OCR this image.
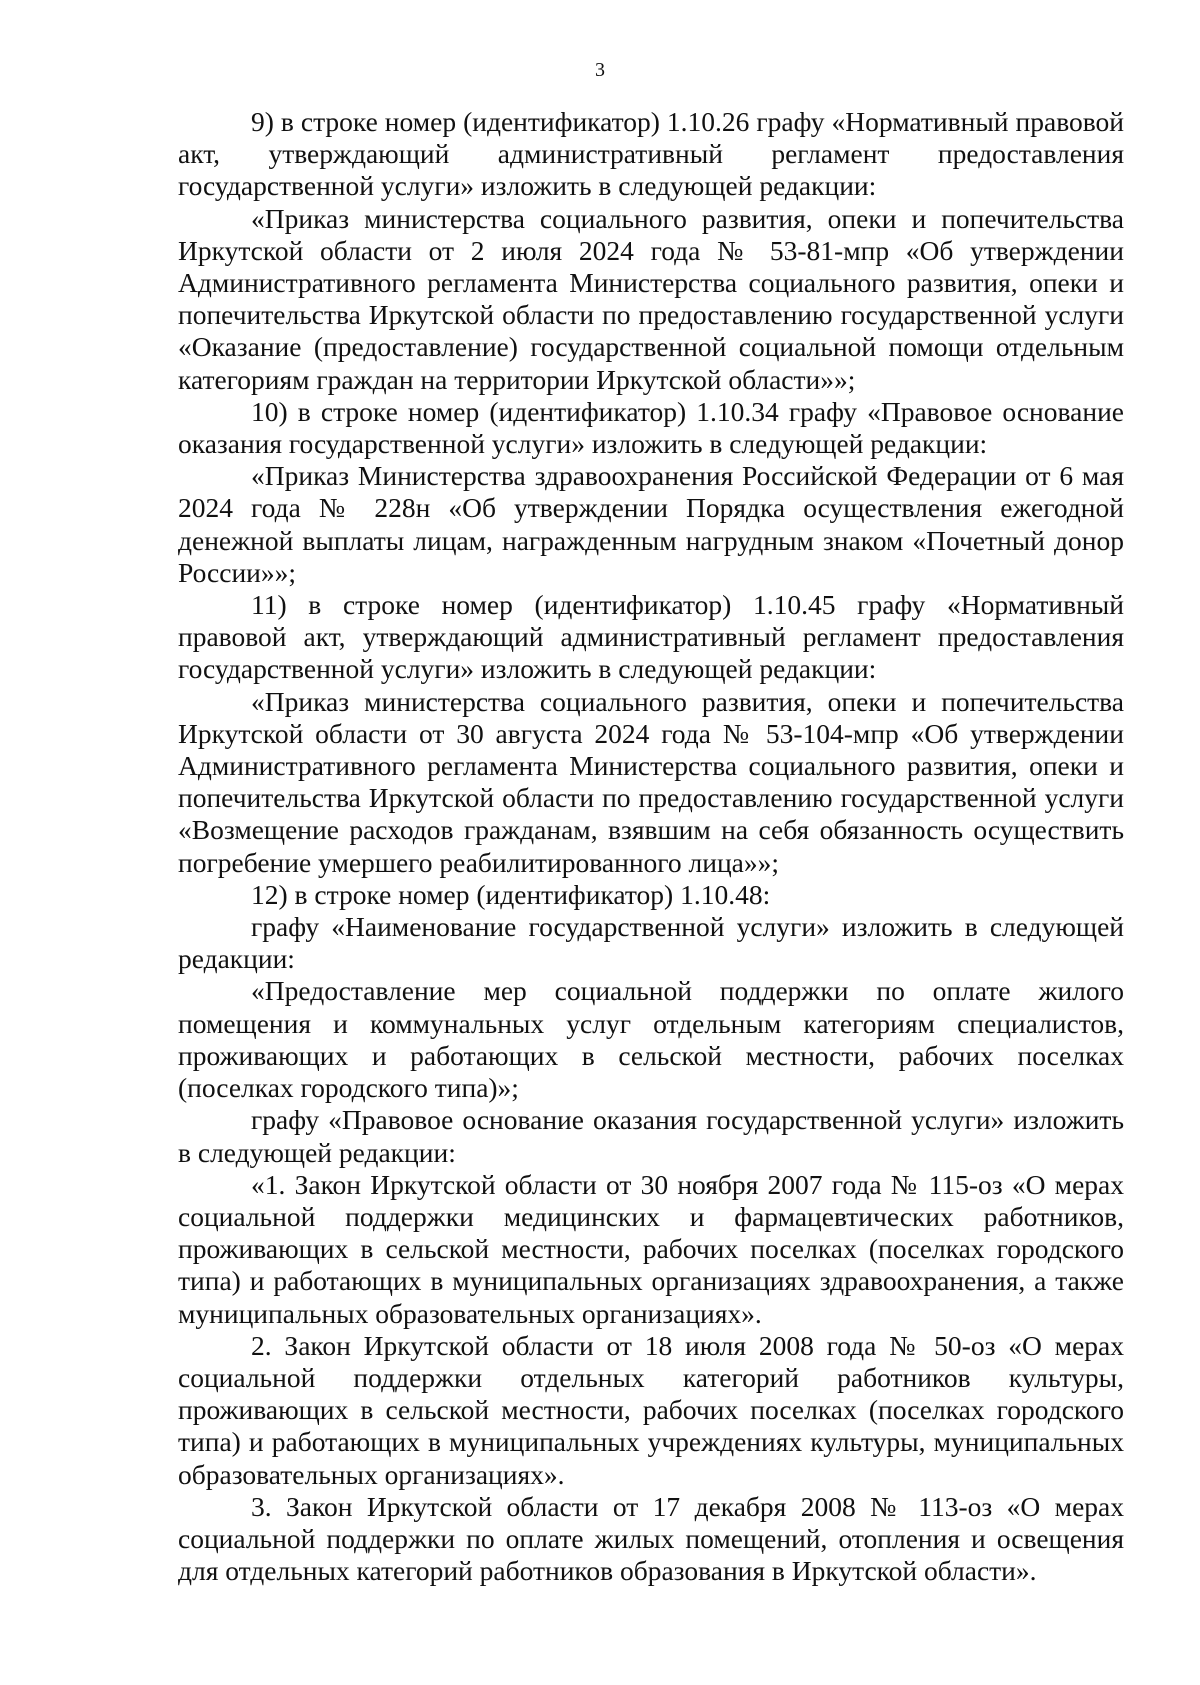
3

9) в строке номер (идентификатор) 1.10.26 графу «Нормативный правовой акт, утверждающий административный регламент предоставления государственной услуги» изложить в следующей редакции:

«Приказ министерства социального развития, опеки и попечительства Иркутской области от 2 июля 2024 года № 53-81-мпр «Об утверждении Административного регламента Министерства социального развития, опеки и попечительства Иркутской области по предоставлению государственной услуги «Оказание (предоставление) государственной социальной помощи отдельным категориям граждан на территории Иркутской области»»;

10) в строке номер (идентификатор) 1.10.34 графу «Правовое основание оказания государственной услуги» изложить в следующей редакции:

«Приказ Министерства здравоохранения Российской Федерации от 6 мая 2024 года № 228н «Об утверждении Порядка осуществления ежегодной денежной выплаты лицам, награжденным нагрудным знаком «Почетный донор России»»;

11) в строке номер (идентификатор) 1.10.45 графу «Нормативный правовой акт, утверждающий административный регламент предоставления государственной услуги» изложить в следующей редакции:

«Приказ министерства социального развития, опеки и попечительства Иркутской области от 30 августа 2024 года № 53-104-мпр «Об утверждении Административного регламента Министерства социального развития, опеки и попечительства Иркутской области по предоставлению государственной услуги «Возмещение расходов гражданам, взявшим на себя обязанность осуществить погребение умершего реабилитированного лица»»;

12) в строке номер (идентификатор) 1.10.48:

графу «Наименование государственной услуги» изложить в следующей редакции:

«Предоставление мер социальной поддержки по оплате жилого помещения и коммунальных услуг отдельным категориям специалистов, проживающих и работающих в сельской местности, рабочих поселках (поселках городского типа)»;

графу «Правовое основание оказания государственной услуги» изложить в следующей редакции:

«1. Закон Иркутской области от 30 ноября 2007 года № 115-оз «О мерах социальной поддержки медицинских и фармацевтических работников, проживающих в сельской местности, рабочих поселках (поселках городского типа) и работающих в муниципальных организациях здравоохранения, а также муниципальных образовательных организациях».

2. Закон Иркутской области от 18 июля 2008 года № 50-оз «О мерах социальной поддержки отдельных категорий работников культуры, проживающих в сельской местности, рабочих поселках (поселках городского типа) и работающих в муниципальных учреждениях культуры, муниципальных образовательных организациях».

3. Закон Иркутской области от 17 декабря 2008 № 113-оз «О мерах социальной поддержки по оплате жилых помещений, отопления и освещения для отдельных категорий работников образования в Иркутской области».
